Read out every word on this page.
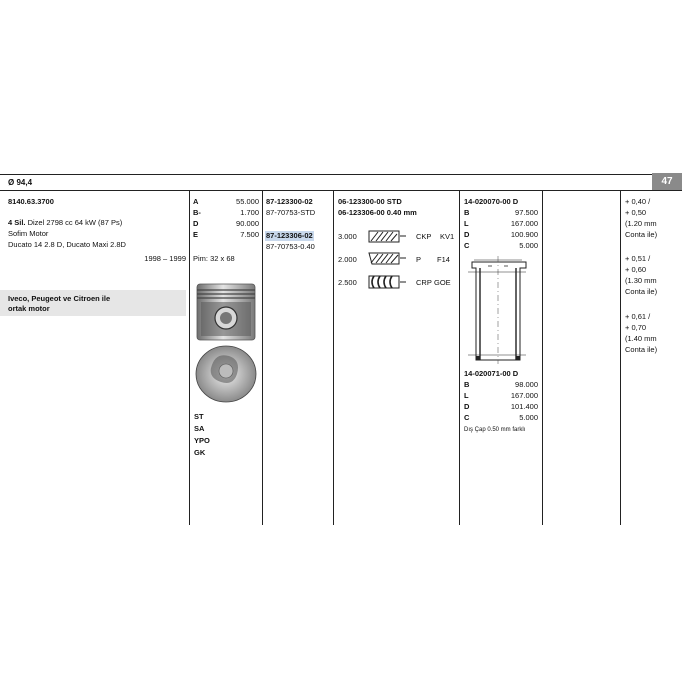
Ø 94,4	47
8140.63.3700
4 Sil. Dizel 2798 cc 64 kW (87 Ps)
Sofim Motor
Ducato 14 2.8 D, Ducato Maxi 2.8D
1998 – 1999
Iveco, Peugeot ve Citroen ile
ortak motor
A	55.000
B-	1.700
D	90.000
E	7.500
Pim: 32 x 68
ST
SA
YPO
GK
87-123300-02
87-70753-STD
87-123306-02
87-70753-0.40
06-123300-00 STD
06-123306-00 0.40 mm
3.000	CKP KV1
2.000	P F14
2.500	CRP GOE
14-020070-00 D
B	97.500
L	167.000
D	100.900
C	5.000
14-020071-00 D
B	98.000
L	167.000
D	101.400
C	5.000
Dış Çap 0.50 mm farklı
+ 0,40 /
+ 0,50
(1.20 mm
Conta ile)
+ 0,51 /
+ 0,60
(1.30 mm
Conta ile)
+ 0,61 /
+ 0,70
(1.40 mm
Conta ile)
